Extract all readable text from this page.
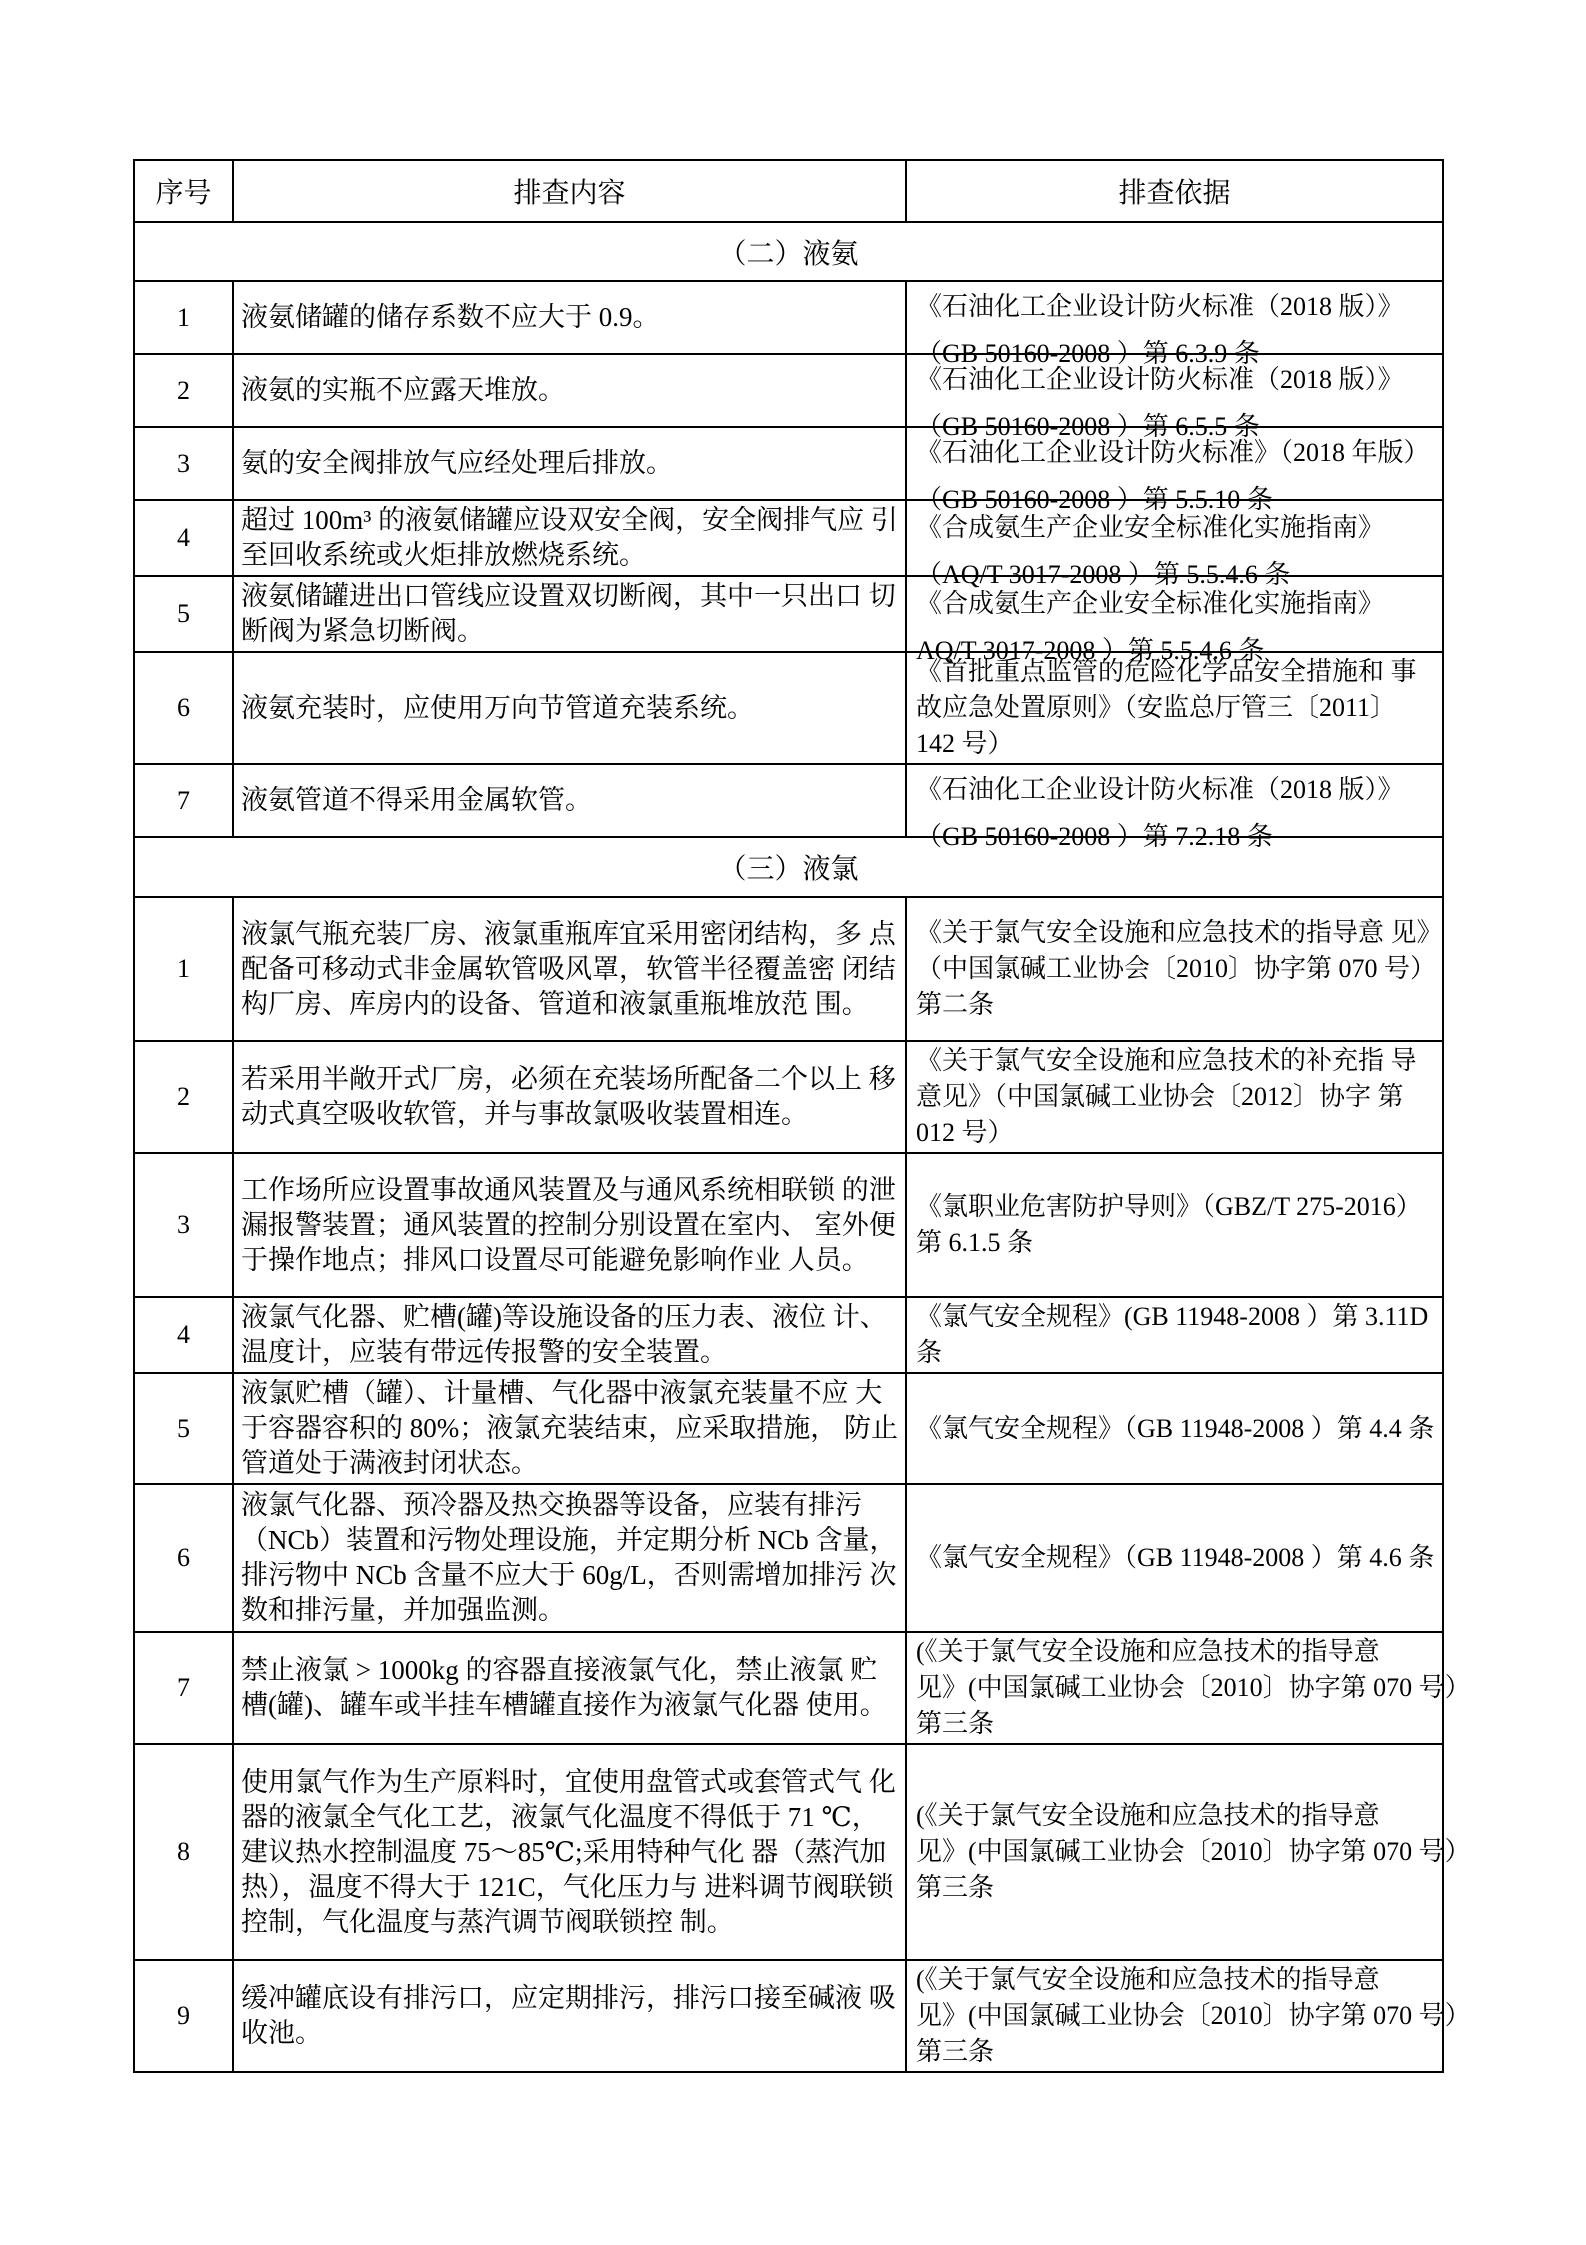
序号	排查内容	排查依据
（二）液氨		
1	液氨储罐的储存系数不应大于 0.9。	《石油化工企业设计防火标准（2018 版）》
（GB 50160-2008 ）第 6.3.9 条

2	液氨的实瓶不应露天堆放。	《石油化工企业设计防火标准（2018 版）》
（GB 50160-2008 ）第 6.5.5 条

3	氨的安全阀排放气应经处理后排放。	《石油化工企业设计防火标准》（2018 年版）
（GB 50160-2008 ）第 5.5.10 条

4	超过 100m³ 的液氨储罐应设双安全阀，安全阀排气应 引至回收系统或火炬排放燃烧系统。	《合成氨生产企业安全标准化实施指南》
（AQ/T 3017-2008 ）第 5.5.4.6 条

5	液氨储罐进出口管线应设置双切断阀，其中一只出口 切断阀为紧急切断阀。	《合成氨生产企业安全标准化实施指南》
AQ/T 3017-2008 ）第 5.5.4.6 条

6	液氨充装时，应使用万向节管道充装系统。	《首批重点监管的危险化学品安全措施和 事
故应急处置原则》（安监总厅管三〔2011〕
142 号）

7	液氨管道不得采用金属软管。	《石油化工企业设计防火标准（2018 版）》
（GB 50160-2008 ）第 7.2.18 条

（三）液氯		
1	液氯气瓶充装厂房、液氯重瓶库宜采用密闭结构，多 点配备可移动式非金属软管吸风罩，软管半径覆盖密 闭结构厂房、库房内的设备、管道和液氯重瓶堆放范 围。	《关于氯气安全设施和应急技术的指导意 见》
（中国氯碱工业协会〔2010〕协字第 070 号）
第二条

2	若采用半敞开式厂房，必须在充装场所配备二个以上 移动式真空吸收软管，并与事故氯吸收装置相连。	《关于氯气安全设施和应急技术的补充指 导
意见》（中国氯碱工业协会〔2012〕协字 第
012 号）

3	工作场所应设置事故通风装置及与通风系统相联锁 的泄漏报警装置；通风装置的控制分别设置在室内、 室外便于操作地点；排风口设置尽可能避免影响作业 人员。	《氯职业危害防护导则》（GBZ/T 275-2016）
第 6.1.5 条

4	液氯气化器、贮槽(罐)等设施设备的压力表、液位 计、温度计，应装有带远传报警的安全装置。	《氯气安全规程》(GB 11948-2008 ）第 3.11D
条

5	液氯贮槽（罐）、计量槽、气化器中液氯充装量不应 大于容器容积的 80%；液氯充装结束，应采取措施， 防止管道处于满液封闭状态。	《氯气安全规程》（GB 11948-2008 ）第 4.4 条

6	液氯气化器、预冷器及热交换器等设备，应装有排污 （NCb）装置和污物处理设施，并定期分析 NCb 含量， 排污物中 NCb 含量不应大于 60g/L，否则需增加排污 次数和排污量，并加强监测。	《氯气安全规程》（GB 11948-2008 ）第 4.6 条

7	禁止液氯 > 1000kg 的容器直接液氯气化，禁止液氯 贮槽(罐)、罐车或半挂车槽罐直接作为液氯气化器 使用。	(《关于氯气安全设施和应急技术的指导意
见》(中国氯碱工业协会〔2010〕协字第 070 号）
第三条

8	使用氯气作为生产原料时，宜使用盘管式或套管式气 化器的液氯全气化工艺，液氯气化温度不得低于 71 ℃， 建议热水控制温度 75～85℃;采用特种气化 器（蒸汽加热），温度不得大于 121C，气化压力与 进料调节阀联锁控制，气化温度与蒸汽调节阀联锁控 制。	(《关于氯气安全设施和应急技术的指导意
见》(中国氯碱工业协会〔2010〕协字第 070 号）
第三条

9	缓冲罐底设有排污口，应定期排污，排污口接至碱液 吸收池。	(《关于氯气安全设施和应急技术的指导意
见》(中国氯碱工业协会〔2010〕协字第 070 号）
第三条
